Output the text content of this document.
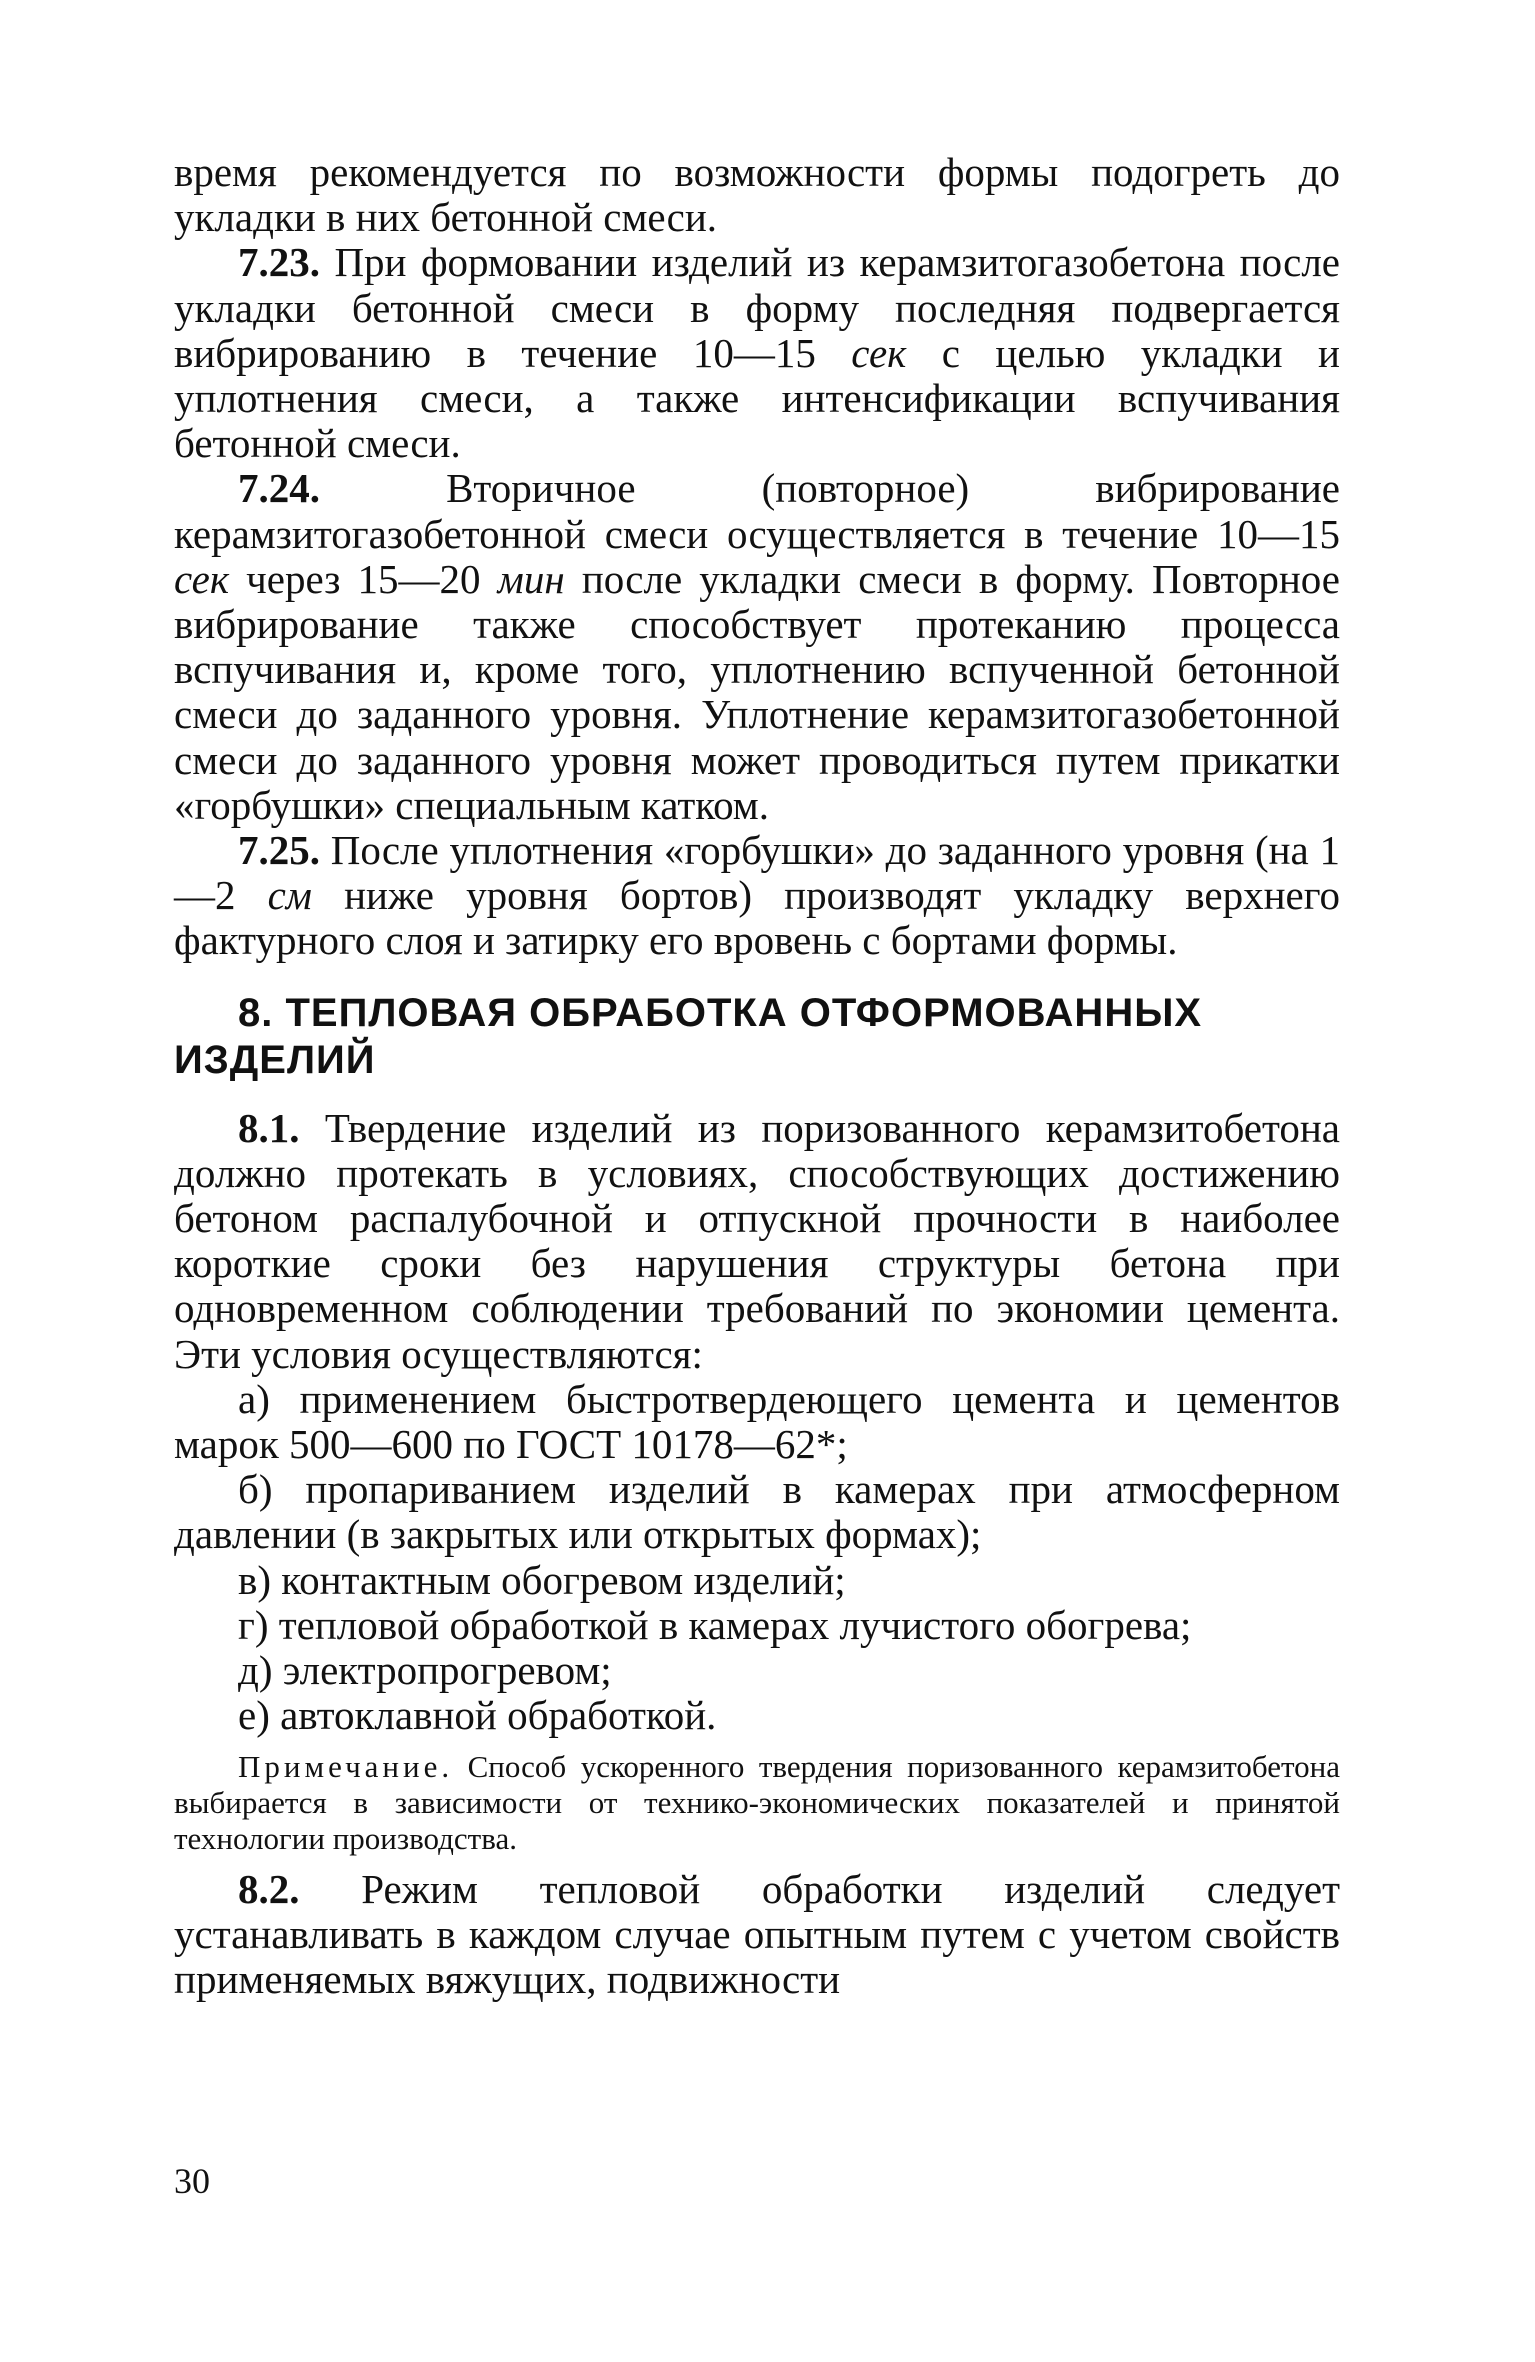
время рекомендуется по возможности формы подогреть до укладки в них бетонной смеси.

7.23. При формовании изделий из керамзитогазобетона после укладки бетонной смеси в форму последняя подвергается вибрированию в течение 10—15 сек с целью укладки и уплотнения смеси, а также интенсификации вспучивания бетонной смеси.

7.24. Вторичное (повторное) вибрирование керамзитогазобетонной смеси осуществляется в течение 10—15 сек через 15—20 мин после укладки смеси в форму. Повторное вибрирование также способствует протеканию процесса вспучивания и, кроме того, уплотнению вспученной бетонной смеси до заданного уровня. Уплотнение керамзитогазобетонной смеси до заданного уровня может проводиться путем прикатки «горбушки» специальным катком.

7.25. После уплотнения «горбушки» до заданного уровня (на 1—2 см ниже уровня бортов) производят укладку верхнего фактурного слоя и затирку его вровень с бортами формы.

8. ТЕПЛОВАЯ ОБРАБОТКА ОТФОРМОВАННЫХ ИЗДЕЛИЙ

8.1. Твердение изделий из поризованного керамзитобетона должно протекать в условиях, способствующих достижению бетоном распалубочной и отпускной прочности в наиболее короткие сроки без нарушения структуры бетона при одновременном соблюдении требований по экономии цемента. Эти условия осуществляются:

а) применением быстротвердеющего цемента и цементов марок 500—600 по ГОСТ 10178—62*;

б) пропариванием изделий в камерах при атмосферном давлении (в закрытых или открытых формах);

в) контактным обогревом изделий;

г) тепловой обработкой в камерах лучистого обогрева;

д) электропрогревом;

е) автоклавной обработкой.

Примечание. Способ ускоренного твердения поризованного керамзитобетона выбирается в зависимости от технико-экономических показателей и принятой технологии производства.

8.2. Режим тепловой обработки изделий следует устанавливать в каждом случае опытным путем с учетом свойств применяемых вяжущих, подвижности

30
